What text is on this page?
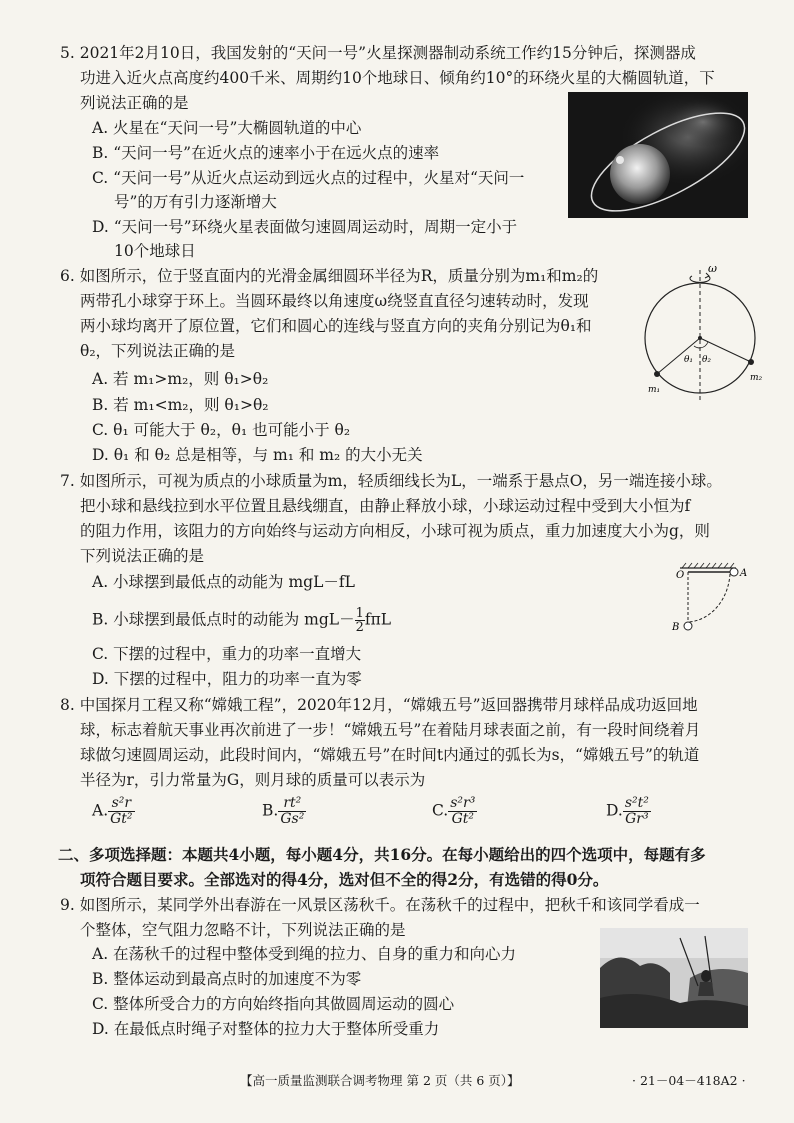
5. 2021年2月10日，我国发射的“天问一号”火星探测器制动系统工作约15分钟后，探测器成
功进入近火点高度约400千米、周期约10个地球日、倾角约10°的环绕火星的大椭圆轨道，下
列说法正确的是
A. 火星在“天问一号”大椭圆轨道的中心
B. “天问一号”在近火点的速率小于在远火点的速率
C. “天问一号”从近火点运动到远火点的过程中，火星对“天问一
号”的万有引力逐渐增大
D. “天问一号”环绕火星表面做匀速圆周运动时，周期一定小于
10个地球日
6. 如图所示，位于竖直面内的光滑金属细圆环半径为R，质量分别为m₁和m₂的
两带孔小球穿于环上。当圆环最终以角速度ω绕竖直直径匀速转动时，发现
两小球均离开了原位置，它们和圆心的连线与竖直方向的夹角分别记为θ₁和
θ₂，下列说法正确的是
A. 若 m₁>m₂，则 θ₁>θ₂
B. 若 m₁<m₂，则 θ₁>θ₂
C. θ₁ 可能大于 θ₂，θ₁ 也可能小于 θ₂
D. θ₁ 和 θ₂ 总是相等，与 m₁ 和 m₂ 的大小无关
ω
θ₁ θ₂
m₁
m₂
7. 如图所示，可视为质点的小球质量为m，轻质细线长为L，一端系于悬点O，另一端连接小球。
把小球和悬线拉到水平位置且悬线绷直，由静止释放小球，小球运动过程中受到大小恒为f
的阻力作用，该阻力的方向始终与运动方向相反，小球可视为质点，重力加速度大小为g，则
下列说法正确的是
A. 小球摆到最低点的动能为 mgL－fL
B. 小球摆到最低点时的动能为 $mgL- \frac{1}{2}f\pi L$
C. 下摆的过程中，重力的功率一直增大
D. 下摆的过程中，阻力的功率一直为零
O	A
B
8. 中国探月工程又称“嫦娥工程”，2020年12月，“嫦娥五号”返回器携带月球样品成功返回地
球，标志着航天事业再次前进了一步！“嫦娥五号”在着陆月球表面之前，有一段时间绕着月
球做匀速圆周运动，此段时间内，“嫦娥五号”在时间t内通过的弧长为s，“嫦娥五号”的轨道
半径为r，引力常量为G，则月球的质量可以表示为
A. $\frac{\text{s²r}}{\text{Gt²}}$	B. $\frac{\text{rt²}}{\text{Gs²}}$	C. $\frac{\text{s²r³}}{\text{Gt²}}$	D. $\frac{\text{s²t²}}{\text{Gr³}}$
二、多项选择题：本题共4小题，每小题4分，共16分。在每小题给出的四个选项中，每题有多
项符合题目要求。全部选对的得4分，选对但不全的得2分，有选错的得0分。
9. 如图所示，某同学外出春游在一风景区荡秋千。在荡秋千的过程中，把秋千和该同学看成一
个整体，空气阻力忽略不计，下列说法正确的是
A. 在荡秋千的过程中整体受到绳的拉力、自身的重力和向心力
B. 整体运动到最高点时的加速度不为零
C. 整体所受合力的方向始终指向其做圆周运动的圆心
D. 在最低点时绳子对整体的拉力大于整体所受重力
【高一质量监测联合调考物理 第 2 页（共 6 页）】	· 21－04－418A2 ·
